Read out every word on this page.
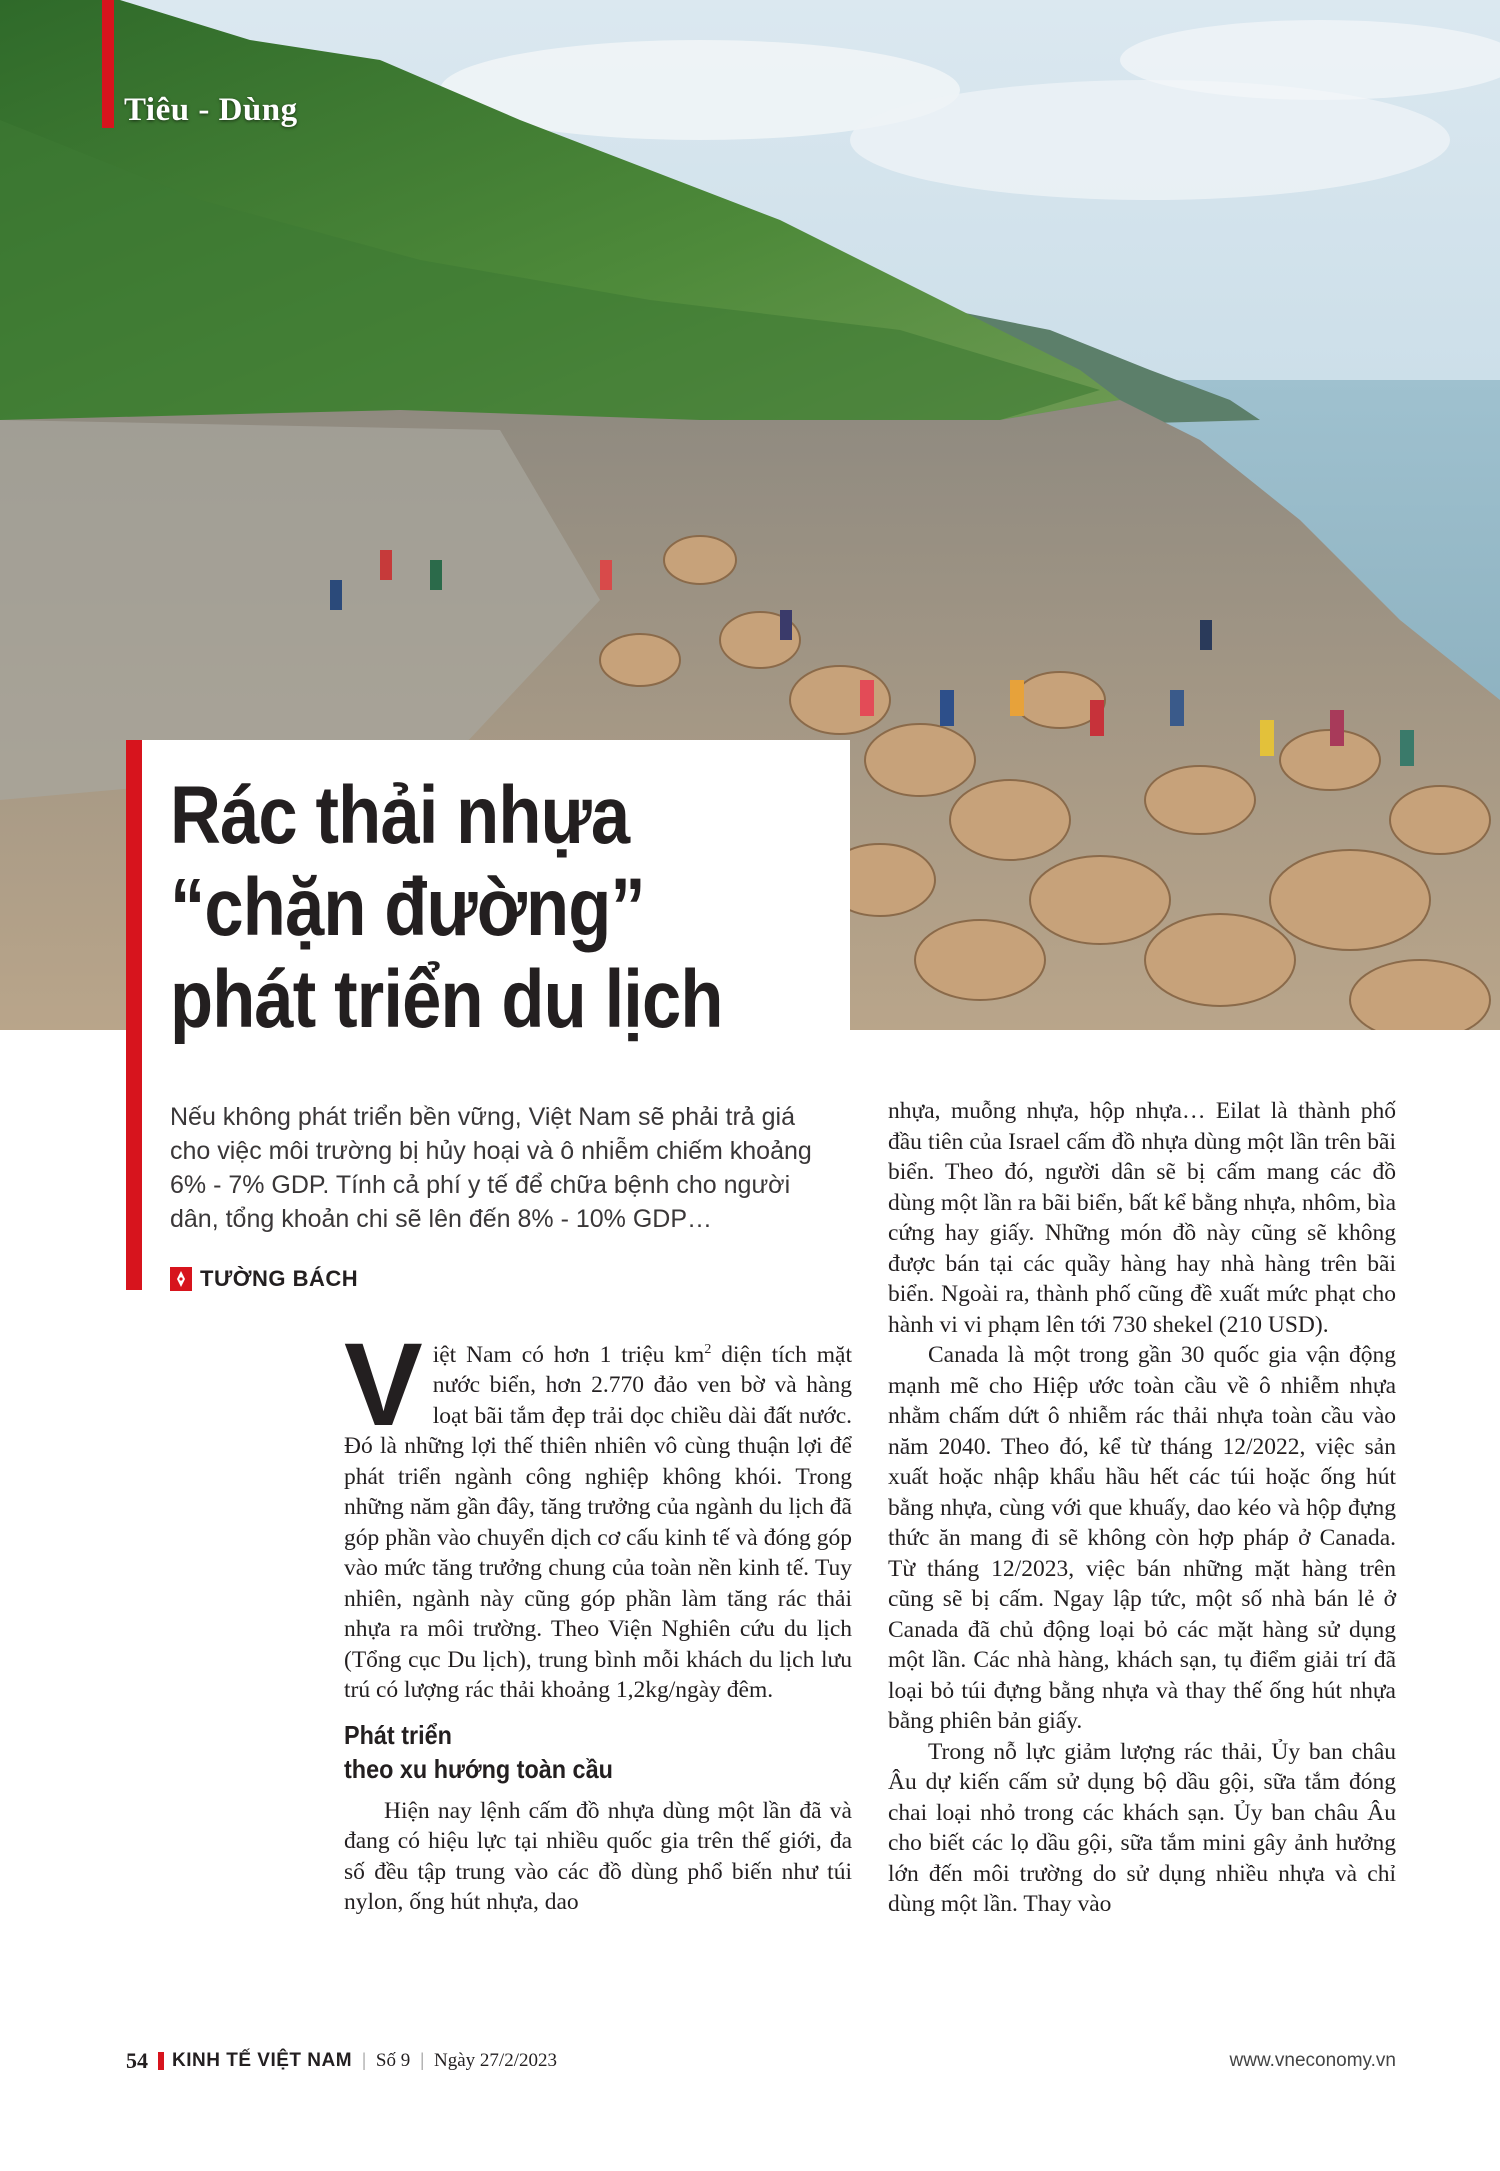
Tiêu - Dùng
Rác thải nhựa
“chặn đường”
phát triển du lịch

Nếu không phát triển bền vững, Việt Nam sẽ phải trả giá cho việc môi trường bị hủy hoại và ô nhiễm chiếm khoảng 6% - 7% GDP. Tính cả phí y tế để chữa bệnh cho người dân, tổng khoản chi sẽ lên đến 8% - 10% GDP…

TƯỜNG BÁCH

Việt Nam có hơn 1 triệu $km^2$ diện tích mặt nước biển, hơn 2.770 đảo ven bờ và hàng loạt bãi tắm đẹp trải dọc chiều dài đất nước. Đó là những lợi thế thiên nhiên vô cùng thuận lợi để phát triển ngành công nghiệp không khói. Trong những năm gần đây, tăng trưởng của ngành du lịch đã góp phần vào chuyển dịch cơ cấu kinh tế và đóng góp vào mức tăng trưởng chung của toàn nền kinh tế. Tuy nhiên, ngành này cũng góp phần làm tăng rác thải nhựa ra môi trường. Theo Viện Nghiên cứu du lịch (Tổng cục Du lịch), trung bình mỗi khách du lịch lưu trú có lượng rác thải khoảng 1,2kg/ngày đêm.

Phát triển
theo xu hướng toàn cầu

Hiện nay lệnh cấm đồ nhựa dùng một lần đã và đang có hiệu lực tại nhiều quốc gia trên thế giới, đa số đều tập trung vào các đồ dùng phổ biến như túi nylon, ống hút nhựa, dao

nhựa, muỗng nhựa, hộp nhựa… Eilat là thành phố đầu tiên của Israel cấm đồ nhựa dùng một lần trên bãi biển. Theo đó, người dân sẽ bị cấm mang các đồ dùng một lần ra bãi biển, bất kể bằng nhựa, nhôm, bìa cứng hay giấy. Những món đồ này cũng sẽ không được bán tại các quầy hàng hay nhà hàng trên bãi biển. Ngoài ra, thành phố cũng đề xuất mức phạt cho hành vi vi phạm lên tới 730 shekel (210 USD).

Canada là một trong gần 30 quốc gia vận động mạnh mẽ cho Hiệp ước toàn cầu về ô nhiễm nhựa nhằm chấm dứt ô nhiễm rác thải nhựa toàn cầu vào năm 2040. Theo đó, kể từ tháng 12/2022, việc sản xuất hoặc nhập khẩu hầu hết các túi hoặc ống hút bằng nhựa, cùng với que khuấy, dao kéo và hộp đựng thức ăn mang đi sẽ không còn hợp pháp ở Canada. Từ tháng 12/2023, việc bán những mặt hàng trên cũng sẽ bị cấm. Ngay lập tức, một số nhà bán lẻ ở Canada đã chủ động loại bỏ các mặt hàng sử dụng một lần. Các nhà hàng, khách sạn, tụ điểm giải trí đã loại bỏ túi đựng bằng nhựa và thay thế ống hút nhựa bằng phiên bản giấy.

Trong nỗ lực giảm lượng rác thải, Ủy ban châu Âu dự kiến cấm sử dụng bộ dầu gội, sữa tắm đóng chai loại nhỏ trong các khách sạn. Ủy ban châu Âu cho biết các lọ dầu gội, sữa tắm mini gây ảnh hưởng lớn đến môi trường do sử dụng nhiều nhựa và chỉ dùng một lần. Thay vào

54 KINH TẾ VIỆT NAM | Số 9 | Ngày 27/2/2023	www.vneconomy.vn
